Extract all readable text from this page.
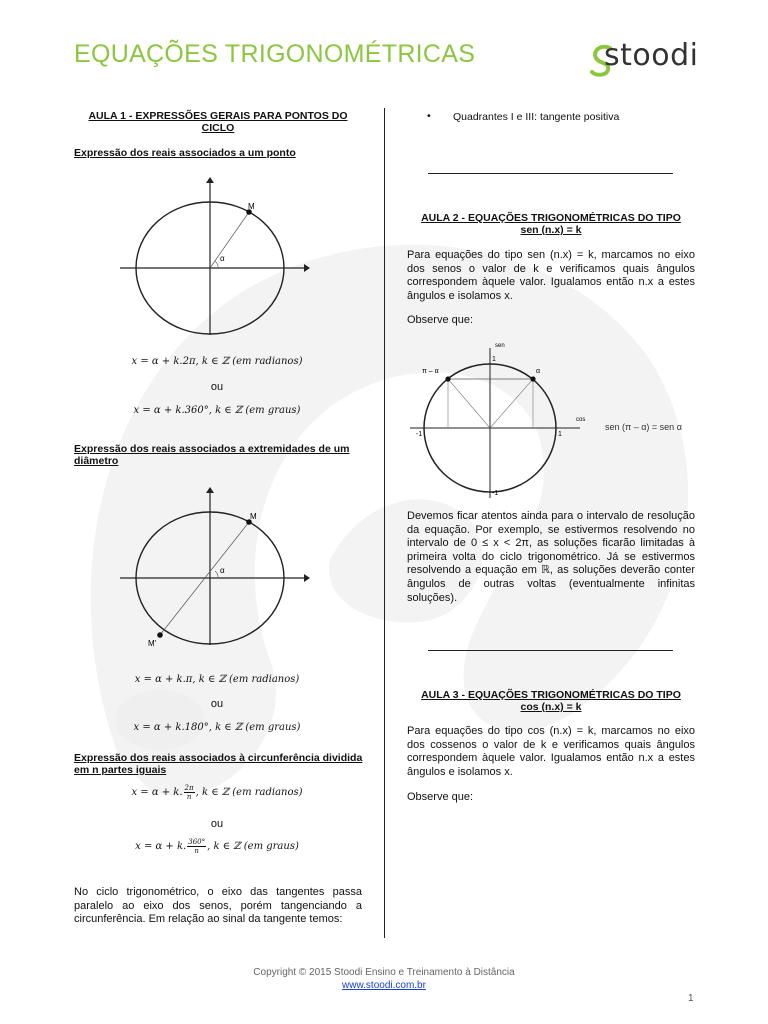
EQUAÇÕES TRIGONOMÉTRICAS	stoodi
AULA 1 - EXPRESSÕES GERAIS PARA PONTOS DO CICLO
Expressão dos reais associados a um ponto
M
α
x = α + k.2π, k ∈ ℤ (em radianos)
ou
x = α + k.360°, k ∈ ℤ (em graus)
Expressão dos reais associados a extremidades de um diâmetro
M
M'
α
x = α + k.π, k ∈ ℤ (em radianos)
ou
x = α + k.180°, k ∈ ℤ (em graus)
Expressão dos reais associados à circunferência dividida em n partes iguais
x = α + k. $\frac{2\pi}{n}$ , k ∈ ℤ (em radianos)
ou
x = α + k. $\frac{360^\circ}{n}$ , k ∈ ℤ (em graus)
No ciclo trigonométrico, o eixo das tangentes passa paralelo ao eixo dos senos, porém tangenciando a circunferência. Em relação ao sinal da tangente temos:
• Quadrantes I e III: tangente positiva
AULA 2 - EQUAÇÕES TRIGONOMÉTRICAS DO TIPO
sen (n.x) = k
Para equações do tipo sen (n.x) = k, marcamos no eixo dos senos o valor de k e verificamos quais ângulos correspondem àquele valor. Igualamos então n.x a estes ângulos e isolamos x.
Observe que:
sen
cos
1
-1
-1	1
π – α	α
sen (π – α) = sen α
Devemos ficar atentos ainda para o intervalo de resolução da equação. Por exemplo, se estivermos resolvendo no intervalo de 0 ≤ x < 2π, as soluções ficarão limitadas à primeira volta do ciclo trigonométrico. Já se estivermos resolvendo a equação em ℝ, as soluções deverão conter ângulos de outras voltas (eventualmente infinitas soluções).
AULA 3 - EQUAÇÕES TRIGONOMÉTRICAS DO TIPO
cos (n.x) = k
Para equações do tipo cos (n.x) = k, marcamos no eixo dos cossenos o valor de k e verificamos quais ângulos correspondem àquele valor. Igualamos então n.x a estes ângulos e isolamos x.
Observe que:
Copyright © 2015 Stoodi Ensino e Treinamento à Distância
www.stoodi.com.br
1
